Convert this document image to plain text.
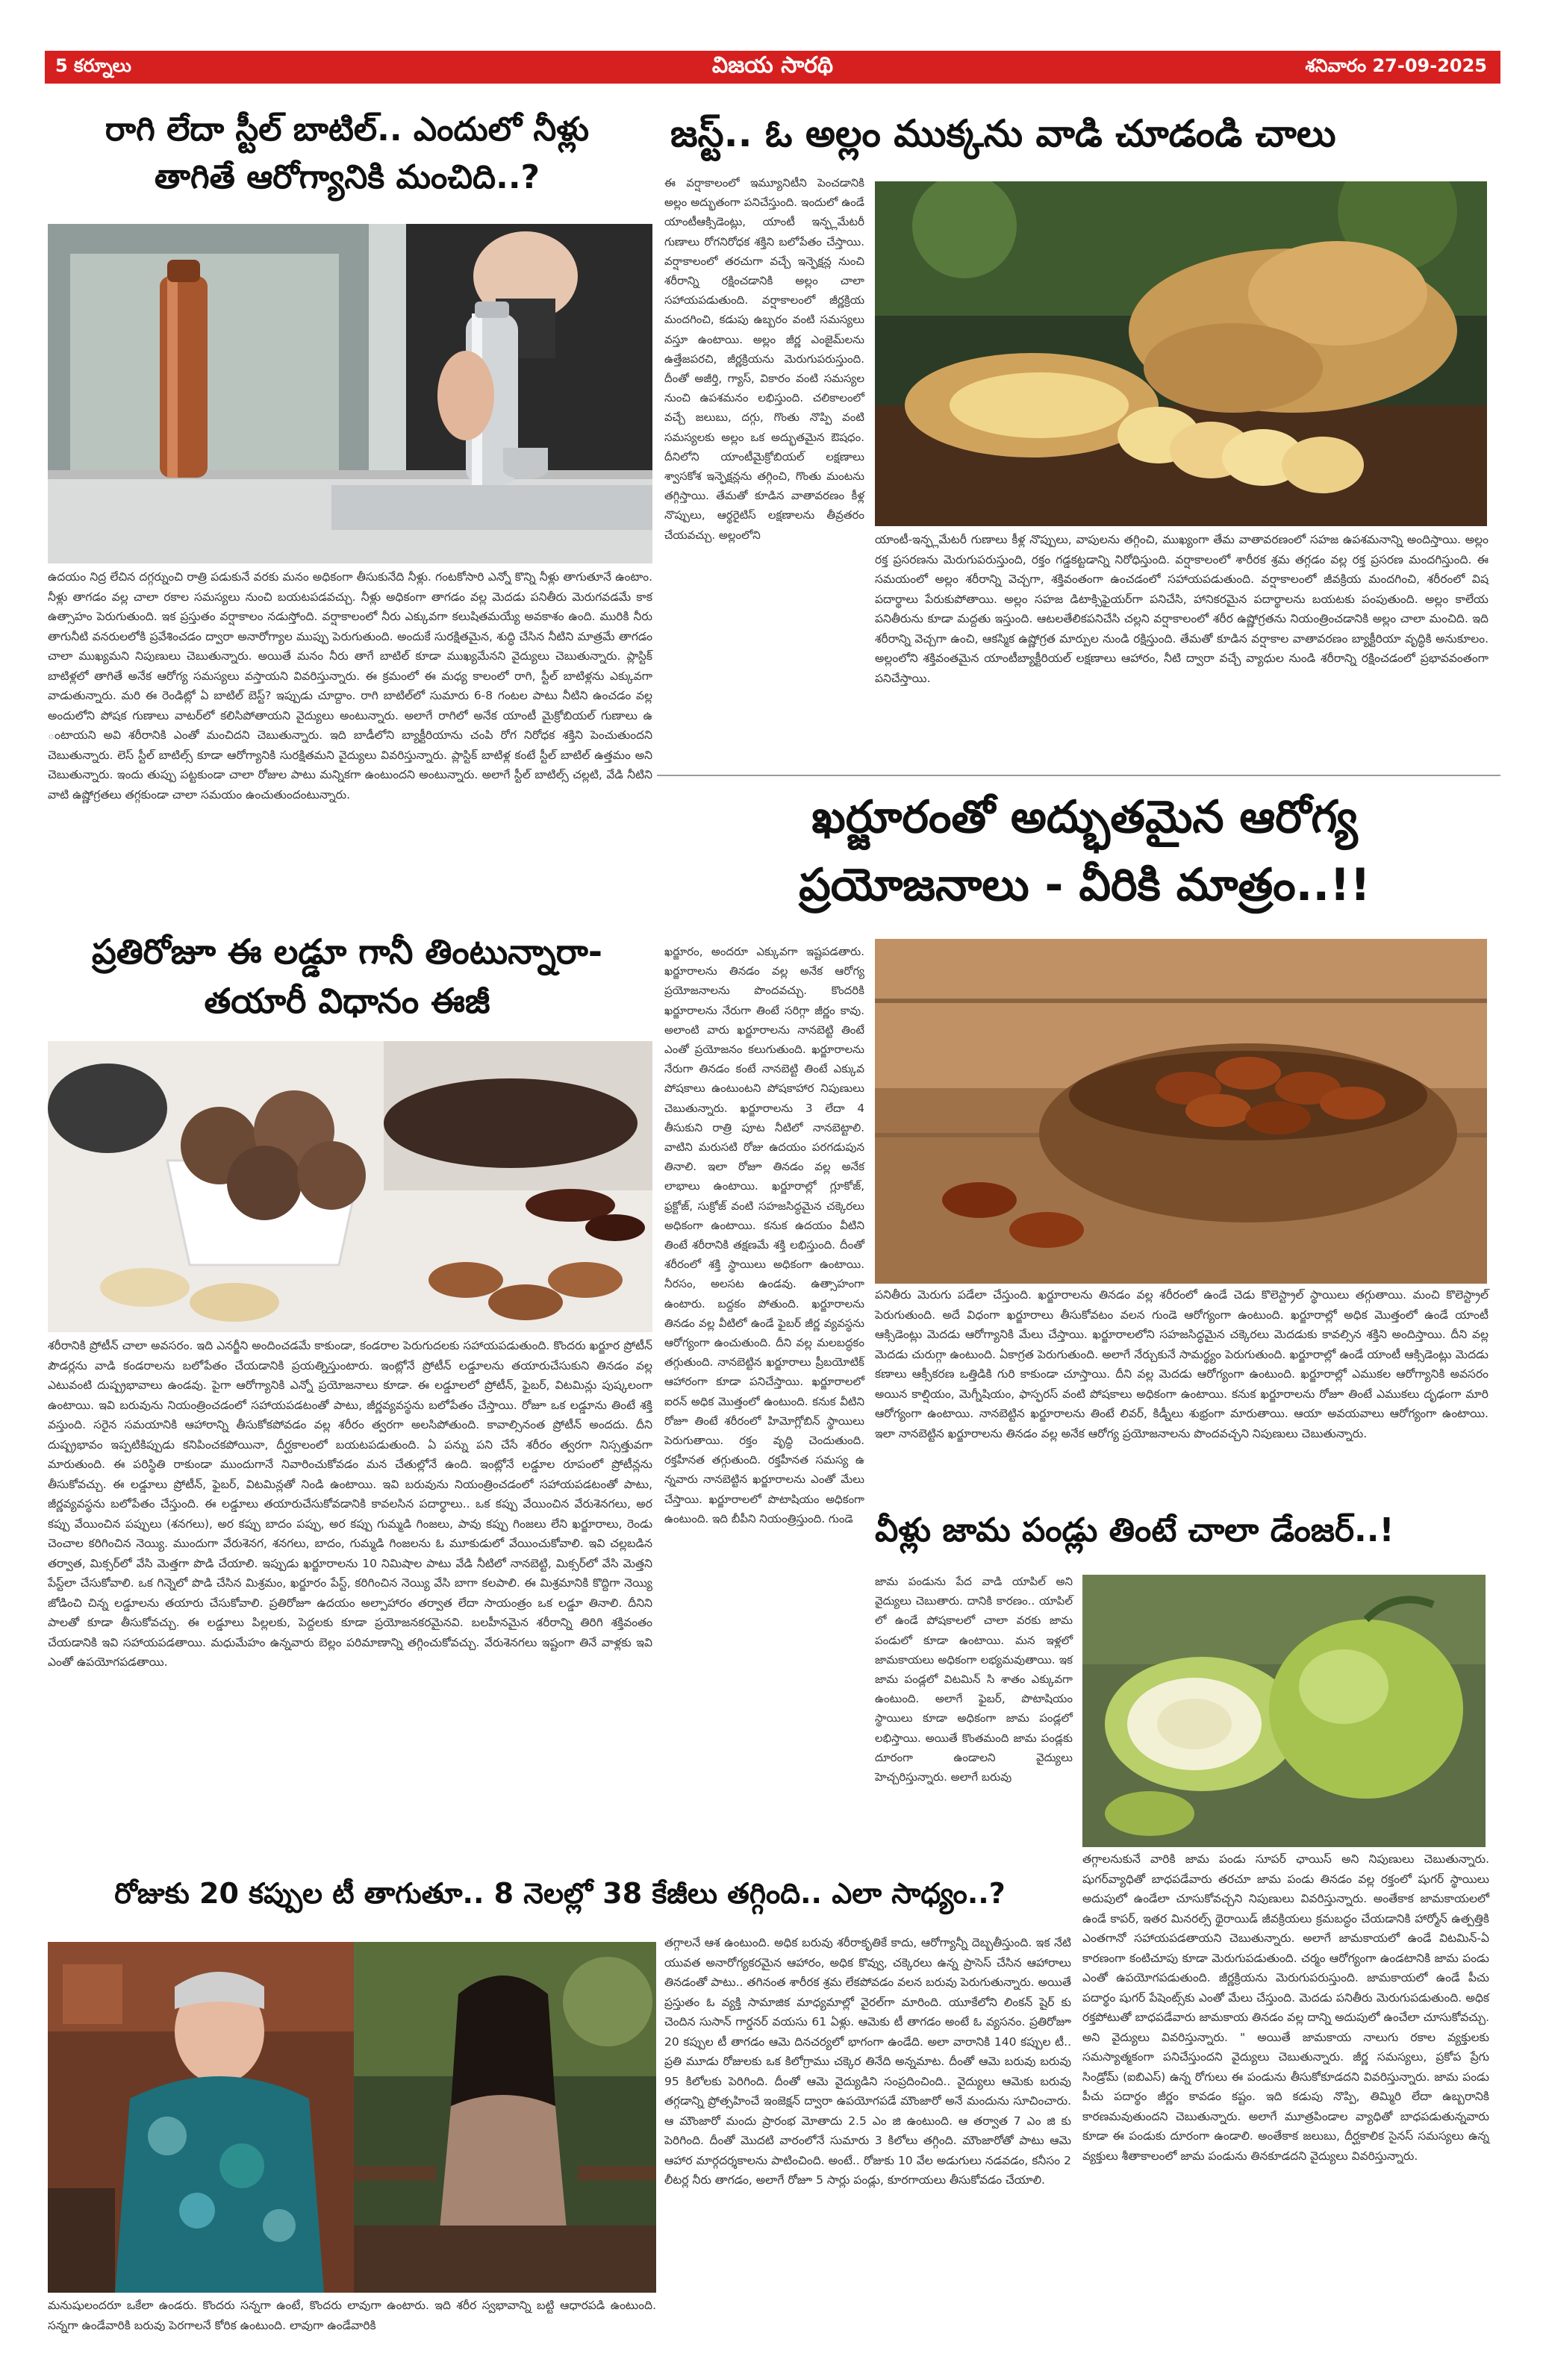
5 కర్నూలు	విజయ సారథి	శనివారం 27-09-2025
రాగి లేదా స్టీల్ బాటిల్.. ఎందులో నీళ్లు
తాగితే ఆరోగ్యానికి మంచిది..?
ఉదయం నిద్ర లేచిన దగ్గర్నుంచి రాత్రి పడుకునే వరకు మనం అధికంగా తీసుకునేది నీళ్లు. గంటకోసారి ఎన్నో కొన్ని నీళ్లు తాగుతూనే ఉంటాం. నీళ్లు తాగడం వల్ల చాలా రకాల సమస్యలు నుంచి బయటపడవచ్చు. నీళ్లు అధికంగా తాగడం వల్ల మెదడు పనితీరు మెరుగవడమే కాక ఉత్సాహం పెరుగుతుంది. ఇక ప్రస్తుతం వర్షాకాలం నడుస్తోంది. వర్షాకాలంలో నీరు ఎక్కువగా కలుషితమయ్యే అవకాశం ఉంది. మురికి నీరు తాగునీటి వనరులలోకి ప్రవేశించడం ద్వారా అనారోగ్యాల ముప్పు పెరుగుతుంది. అందుకే సురక్షితమైన, శుద్ధి చేసిన నీటిని మాత్రమే తాగడం చాలా ముఖ్యమని నిపుణులు చెబుతున్నారు. అయితే మనం నీరు తాగే బాటిల్ కూడా ముఖ్యమేనని వైద్యులు చెబుతున్నారు. ప్లాస్టిక్ బాటిళ్లలో తాగితే అనేక ఆరోగ్య సమస్యలు వస్తాయని వివరిస్తున్నారు. ఈ క్రమంలో ఈ మధ్య కాలంలో రాగి, స్టీల్ బాటిళ్లను ఎక్కువగా వాడుతున్నారు. మరి ఈ రెండిట్లో ఏ బాటిల్ బెస్ట్? ఇప్పుడు చూద్దాం. రాగి బాటిల్‌లో సుమారు 6-8 గంటల పాటు నీటిని ఉంచడం వల్ల అందులోని పోషక గుణాలు వాటర్‌లో కలిసిపోతాయని వైద్యులు అంటున్నారు. అలాగే రాగిలో అనేక యాంటీ మైక్రోబియల్ గుణాలు ఉ ంటాయని అవి శరీరానికి ఎంతో మంచిదని చెబుతున్నారు. ఇది బాడీలోని బ్యాక్టీరియాను చంపి రోగ నిరోధక శక్తిని పెంచుతుందని చెబుతున్నారు. లెస్ స్టీల్ బాటిల్స్ కూడా ఆరోగ్యానికి సురక్షితమని వైద్యులు వివరిస్తున్నారు. ప్లాస్టిక్ బాటిళ్ల కంటే స్టీల్ బాటిల్ ఉత్తమం అని చెబుతున్నారు. ఇందు తుప్పు పట్టకుండా చాలా రోజుల పాటు మన్నికగా ఉంటుందని అంటున్నారు. అలాగే స్టీల్ బాటిల్స్ చల్లటి, వేడి నీటిని వాటి ఉష్ణోగ్రతలు తగ్గకుండా చాలా సమయం ఉంచుతుందంటున్నారు.
జస్ట్.. ఓ అల్లం ముక్కను వాడి చూడండి చాలు
ఈ వర్షాకాలంలో ఇమ్యూనిటీని పెంచడానికి అల్లం అద్భుతంగా పనిచేస్తుంది. ఇందులో ఉండే యాంటీఆక్సిడెంట్లు, యాంటీ ఇన్ఫ్లమేటరీ గుణాలు రోగనిరోధక శక్తిని బలోపేతం చేస్తాయి. వర్షాకాలంలో తరచుగా వచ్చే ఇన్ఫెక్షన్ల నుంచి శరీరాన్ని రక్షించడానికి అల్లం చాలా సహాయపడుతుంది. వర్షాకాలంలో జీర్ణక్రియ మందగించి, కడుపు ఉబ్బరం వంటి సమస్యలు వస్తూ ఉంటాయి. అల్లం జీర్ణ ఎంజైమ్‌లను ఉత్తేజపరచి, జీర్ణక్రియను మెరుగుపరుస్తుంది. దీంతో అజీర్తి, గ్యాస్, వికారం వంటి సమస్యల నుంచి ఉపశమనం లభిస్తుంది. చలికాలంలో వచ్చే జలుబు, దగ్గు, గొంతు నొప్పి వంటి సమస్యలకు అల్లం ఒక అద్భుతమైన ఔషధం. దీనిలోని యాంటీమైక్రోబియల్ లక్షణాలు శ్వాసకోశ ఇన్ఫెక్షన్లను తగ్గించి, గొంతు మంటను తగ్గిస్తాయి. తేమతో కూడిన వాతావరణం కీళ్ల నొప్పులు, ఆర్థరైటిస్ లక్షణాలను తీవ్రతరం చేయవచ్చు. అల్లంలోని	యాంటీ-ఇన్ఫ్లమేటరీ గుణాలు కీళ్ల నొప్పులు, వాపులను తగ్గించి, ముఖ్యంగా తేమ వాతావరణంలో సహజ ఉపశమనాన్ని అందిస్తాయి. అల్లం రక్త ప్రసరణను మెరుగుపరుస్తుంది, రక్తం గడ్డకట్టడాన్ని నిరోధిస్తుంది. వర్షాకాలంలో శారీరక శ్రమ తగ్గడం వల్ల రక్త ప్రసరణ మందగిస్తుంది. ఈ సమయంలో అల్లం శరీరాన్ని వెచ్చగా, శక్తివంతంగా ఉంచడంలో సహాయపడుతుంది. వర్షాకాలంలో జీవక్రియ మందగించి, శరీరంలో విష పదార్థాలు పేరుకుపోతాయి. అల్లం సహజ డిటాక్సిఫైయర్‌గా పనిచేసి, హానికరమైన పదార్థాలను బయటకు పంపుతుంది. అల్లం కాలేయ పనితీరును కూడా మద్దతు ఇస్తుంది. ఆటలతేలికపనిచేసి చల్లని వర్షాకాలంలో శరీర ఉష్ణోగ్రతను నియంత్రించడానికి అల్లం చాలా మంచిది. ఇది శరీరాన్ని వెచ్చగా ఉంచి, ఆకస్మిక ఉష్ణోగ్రత మార్పుల నుండి రక్షిస్తుంది. తేమతో కూడిన వర్షాకాల వాతావరణం బ్యాక్టీరియా వృద్ధికి అనుకూలం. అల్లంలోని శక్తివంతమైన యాంటీబ్యాక్టీరియల్ లక్షణాలు ఆహారం, నీటి ద్వారా వచ్చే వ్యాధుల నుండి శరీరాన్ని రక్షించడంలో ప్రభావవంతంగా పనిచేస్తాయి.
ఖర్జూరంతో అద్భుతమైన ఆరోగ్య
ప్రయోజనాలు - వీరికి మాత్రం..!!
ఖర్జూరం, అందరూ ఎక్కువగా ఇష్టపడతారు. ఖర్జూరాలను తినడం వల్ల అనేక ఆరోగ్య ప్రయోజనాలను పొందవచ్చు. కొందరికి ఖర్జూరాలను నేరుగా తింటే సరిగ్గా జీర్ణం కావు. అలాంటి వారు ఖర్జూరాలను నానబెట్టి తింటే ఎంతో ప్రయోజనం కలుగుతుంది. ఖర్జూరాలను నేరుగా తినడం కంటే నానబెట్టి తింటే ఎక్కువ పోషకాలు ఉంటుంటని పోషకాహార నిపుణులు చెబుతున్నారు. ఖర్జూరాలను 3 లేదా 4 తీసుకుని రాత్రి పూట నీటిలో నానబెట్టాలి. వాటిని మరుసటి రోజు ఉదయం పరగడుపున తినాలి. ఇలా రోజూ తినడం వల్ల అనేక లాభాలు ఉంటాయి. ఖర్జూరాల్లో గ్లూకోజ్, ఫ్రక్టోజ్, సుక్రోజ్ వంటి సహజసిద్ధమైన చక్కెరలు అధికంగా ఉంటాయి. కనుక ఉదయం వీటిని తింటే శరీరానికి తక్షణమే శక్తి లభిస్తుంది. దీంతో శరీరంలో శక్తి స్థాయిలు అధికంగా ఉంటాయి. నీరసం, అలసట ఉండవు. ఉత్సాహంగా ఉంటారు. బద్దకం పోతుంది. ఖర్జూరాలను తినడం వల్ల వీటిలో ఉండే ఫైబర్ జీర్ణ వ్యవస్థను ఆరోగ్యంగా ఉంచుతుంది. దీని వల్ల మలబద్ధకం తగ్గుతుంది. నానబెట్టిన ఖర్జూరాలు ప్రీబయోటిక్ ఆహారంగా కూడా పనిచేస్తాయి. ఖర్జూరాలలో ఐరన్ అధిక మొత్తంలో ఉంటుంది. కనుక వీటిని రోజూ తింటే శరీరంలో హిమోగ్లోబిన్ స్థాయిలు పెరుగుతాయి. రక్తం వృద్ధి చెందుతుంది. రక్తహీనత తగ్గుతుంది. రక్తహీనత సమస్య ఉ న్నవారు నానబెట్టిన ఖర్జూరాలను ఎంతో మేలు చేస్తాయి. ఖర్జూరాలలో పొటాషియం అధికంగా ఉంటుంది. ఇది బీపీని నియంత్రిస్తుంది. గుండె
పనితీరు మెరుగు పడేలా చేస్తుంది. ఖర్జూరాలను తినడం వల్ల శరీరంలో ఉండే చెడు కొలెస్ట్రాల్ స్థాయిలు తగ్గుతాయి. మంచి కొలెస్ట్రాల్ పెరుగుతుంది. అదే విధంగా ఖర్జూరాలు తీసుకోవటం వలన గుండె ఆరోగ్యంగా ఉంటుంది. ఖర్జూరాల్లో అధిక మొత్తంలో ఉండే యాంటీ ఆక్సిడెంట్లు మెదడు ఆరోగ్యానికి మేలు చేస్తాయి. ఖర్జూరాలలోని సహజసిద్ధమైన చక్కెరలు మెదడుకు కావల్సిన శక్తిని అందిస్తాయి. దీని వల్ల మెదడు చురుగ్గా ఉంటుంది. ఏకాగ్రత పెరుగుతుంది. అలాగే నేర్చుకునే సామర్థ్యం పెరుగుతుంది. ఖర్జూరాల్లో ఉండే యాంటీ ఆక్సిడెంట్లు మెదడు కణాలు ఆక్సీకరణ ఒత్తిడికి గురి కాకుండా చూస్తాయి. దీని వల్ల మెదడు ఆరోగ్యంగా ఉంటుంది. ఖర్జూరాల్లో ఎముకల ఆరోగ్యానికి అవసరం అయిన కాల్షియం, మెగ్నీషియం, ఫాస్ఫరస్ వంటి పోషకాలు అధికంగా ఉంటాయి. కనుక ఖర్జూరాలను రోజూ తింటే ఎముకలు దృఢంగా మారి ఆరోగ్యంగా ఉంటాయి. నానబెట్టిన ఖర్జూరాలను తింటే లివర్, కిడ్నీలు శుభ్రంగా మారుతాయి. ఆయా అవయవాలు ఆరోగ్యంగా ఉంటాయి. ఇలా నానబెట్టిన ఖర్జూరాలను తినడం వల్ల అనేక ఆరోగ్య ప్రయోజనాలను పొందవచ్చని నిపుణులు చెబుతున్నారు.
ప్రతిరోజూ ఈ లడ్డూ గానీ తింటున్నారా-
తయారీ విధానం ఈజీ
శరీరానికి ప్రోటీన్ చాలా అవసరం. ఇది ఎనర్జీని అందించడమే కాకుండా, కండరాల పెరుగుదలకు సహాయపడుతుంది. కొందరు ఖర్జూర ప్రోటీన్ పౌడర్లను వాడి కండరాలను బలోపేతం చేయడానికి ప్రయత్నిస్తుంటారు. ఇంట్లోనే ప్రోటీన్ లడ్డూలను తయారుచేసుకుని తినడం వల్ల ఎటువంటి దుష్ప్రభావాలు ఉండవు. పైగా ఆరోగ్యానికి ఎన్నో ప్రయోజనాలు కూడా. ఈ లడ్డూలలో ప్రోటీన్, ఫైబర్, విటమిన్లు పుష్కలంగా ఉంటాయి. ఇవి బరువును నియంత్రించడంలో సహాయపడటంతో పాటు, జీర్ణవ్యవస్థను బలోపేతం చేస్తాయి. రోజూ ఒక లడ్డూను తింటే శక్తి వస్తుంది. సరైన సమయానికి ఆహారాన్ని తీసుకోకపోవడం వల్ల శరీరం త్వరగా అలసిపోతుంది. కావాల్సినంత ప్రోటీన్ అందదు. దీని దుష్ప్రభావం ఇప్పటికిప్పుడు కనిపించకపోయినా, దీర్ఘకాలంలో బయటపడుతుంది. ఏ పన్ను పని చేసే శరీరం త్వరగా నిస్సత్తువగా మారుతుంది. ఈ పరిస్థితి రాకుండా ముందుగానే నివారించుకోవడం మన చేతుల్లోనే ఉంది. ఇంట్లోనే లడ్డూల రూపంలో ప్రోటీన్లను తీసుకోవచ్చు. ఈ లడ్డూలు ప్రోటీన్, ఫైబర్, విటమిన్లతో నిండి ఉంటాయి. ఇవి బరువును నియంత్రించడంలో సహాయపడటంతో పాటు, జీర్ణవ్యవస్థను బలోపేతం చేస్తుంది. ఈ లడ్డూలు తయారుచేసుకోవడానికి కావలసిన పదార్థాలు.. ఒక కప్పు వేయించిన వేరుశెనగలు, అర కప్పు వేయించిన పప్పులు (శనగలు), అర కప్పు బాదం పప్పు, అర కప్పు గుమ్మడి గింజలు, పావు కప్పు గింజలు లేని ఖర్జూరాలు, రెండు చెంచాల కరిగించిన నెయ్యి. ముందుగా వేరుశెనగ, శనగలు, బాదం, గుమ్మడి గింజలను ఓ మూకుడులో వేయించుకోవాలి. ఇవి చల్లబడిన తర్వాత, మిక్సర్‌లో వేసి మెత్తగా పొడి చేయాలి. ఇప్పుడు ఖర్జూరాలను 10 నిమిషాల పాటు వేడి నీటిలో నానబెట్టి, మిక్సర్‌లో వేసి మెత్తని పేస్ట్‌లా చేసుకోవాలి. ఒక గిన్నెలో పొడి చేసిన మిశ్రమం, ఖర్జూరం పేస్ట్, కరిగించిన నెయ్యి వేసి బాగా కలపాలి. ఈ మిశ్రమానికి కొద్దిగా నెయ్యి జోడించి చిన్న లడ్డూలను తయారు చేసుకోవాలి. ప్రతిరోజూ ఉదయం అల్పాహారం తర్వాత లేదా సాయంత్రం ఒక లడ్డూ తినాలి. దీనిని పాలతో కూడా తీసుకోవచ్చు. ఈ లడ్డూలు పిల్లలకు, పెద్దలకు కూడా ప్రయోజనకరమైనవి. బలహీనమైన శరీరాన్ని తిరిగి శక్తివంతం చేయడానికి ఇవి సహాయపడతాయి. మధుమేహం ఉన్నవారు బెల్లం పరిమాణాన్ని తగ్గించుకోవచ్చు. వేరుశెనగలు ఇష్టంగా తినే వాళ్లకు ఇవి ఎంతో ఉపయోగపడతాయి.
వీళ్లు జామ పండ్లు తింటే చాలా డేంజర్..!
జామ పండును పేద వాడి యాపిల్ అని వైద్యులు చెబుతారు. దానికి కారణం.. యాపిల్ లో ఉండే పోషకాలలో చాలా వరకు జామ పండులో కూడా ఉంటాయి. మన ఇళ్లలో జామకాయలు అధికంగా లభ్యమవుతాయి. ఇక జామ పండ్లలో విటమిన్ సి శాతం ఎక్కువగా ఉంటుంది. అలాగే ఫైబర్, పొటాషియం స్థాయిలు కూడా అధికంగా జామ పండ్లలో లభిస్తాయి. అయితే కొంతమంది జామ పండ్లకు దూరంగా ఉండాలని వైద్యులు హెచ్చరిస్తున్నారు. అలాగే బరువు
తగ్గాలనుకునే వారికి జామ పండు సూపర్ ఛాయిస్ అని నిపుణులు చెబుతున్నారు. షుగర్‌వ్యాధితో బాధపడేవారు తరచూ జామ పండు తినడం వల్ల రక్తంలో షుగర్ స్థాయిలు అదుపులో ఉండేలా చూసుకోవచ్చని నిపుణులు వివరిస్తున్నారు. అంతేకాక జామకాయలలో ఉండే కాపర్, ఇతర మినరల్స్ థైరాయిడ్ జీవక్రియలు క్రమబద్ధం చేయడానికి హార్మోన్ ఉత్పత్తికి ఎంతగానో సహాయపడతాయని చెబుతున్నారు. అలాగే జామకాయలో ఉండే విటమిన్-ఏ కారణంగా కంటిచూపు కూడా మెరుగుపడుతుంది. చర్మం ఆరోగ్యంగా ఉండటానికి జామ పండు ఎంతో ఉపయోగపడుతుంది. జీర్ణక్రియను మెరుగుపరుస్తుంది. జామకాయలో ఉండే పీచు పదార్థం షుగర్ పేషెంట్స్‌కు ఎంతో మేలు చేస్తుంది. మెదడు పనితీరు మెరుగుపడుతుంది. అధిక రక్తపోటుతో బాధపడేవారు జామకాయ తినడం వల్ల దాన్ని అదుపులో ఉంచేలా చూసుకోవచ్చు. అని వైద్యులు వివరిస్తున్నారు. " అయితే జామకాయ నాలుగు రకాల వ్యక్తులకు సమస్యాత్మకంగా పనిచేస్తుందని వైద్యులు చెబుతున్నారు. జీర్ణ సమస్యలు, ప్రకోప ప్రేగు సిండ్రోమ్ (ఐబిఎస్) ఉన్న రోగులు ఈ పండును తీసుకోకూడదని వివరిస్తున్నారు. జామ పండు పీచు పదార్థం జీర్ణం కావడం కష్టం. ఇది కడుపు నొప్పి, తిమ్మిరి లేదా ఉబ్బరానికి కారణమవుతుందని చెబుతున్నారు. అలాగే మూత్రపిండాల వ్యాధితో బాధపడుతున్నవారు కూడా ఈ పండుకు దూరంగా ఉండాలి. అంతేకాక జలుబు, దీర్ఘకాలిక సైనస్ సమస్యలు ఉన్న వ్యక్తులు శీతాకాలంలో జామ పండును తినకూడదని వైద్యులు వివరిస్తున్నారు.
రోజుకు 20 కప్పుల టీ తాగుతూ.. 8 నెలల్లో 38 కేజీలు తగ్గింది.. ఎలా సాధ్యం..?
మనుషులందరూ ఒకేలా ఉండరు. కొందరు సన్నగా ఉంటే, కొందరు లావుగా ఉంటారు. ఇది శరీర స్వభావాన్ని బట్టి ఆధారపడి ఉంటుంది. సన్నగా ఉండేవారికి బరువు పెరగాలనే కోరిక ఉంటుంది. లావుగా ఉండేవారికి
తగ్గాలనే ఆశ ఉంటుంది. అధిక బరువు శరీరాకృతికే కాదు, ఆరోగ్యాన్నీ దెబ్బతీస్తుంది. ఇక నేటి యువత అనారోగ్యకరమైన ఆహారం, అధిక కొవ్వు, చక్కెరలు ఉన్న ప్రాసెస్ చేసిన ఆహారాలు తినడంతో పాటు.. తగినంత శారీరక శ్రమ లేకపోవడం వలన బరువు పెరుగుతున్నారు. అయితే ప్రస్తుతం ఓ వ్యక్తి సామాజిక మాధ్యమాల్లో వైరల్‌గా మారింది. యూకేలోని లింకన్ షైర్ కు చెందిన సుసాన్ గార్డనర్ వయసు 61 ఏళ్లు. ఆమెకు టీ తాగడం అంటే ఓ వ్యసనం. ప్రతిరోజూ 20 కప్పుల టీ తాగడం ఆమె దినచర్యలో భాగంగా ఉండేది. అలా వారానికి 140 కప్పుల టీ.. ప్రతి మూడు రోజులకు ఒక కిలోగ్రాము చక్కెర తినేది అన్నమాట. దీంతో ఆమె బరువు బరువు 95 కిలోలకు పెరిగింది. దీంతో ఆమె వైద్యుడిని సంప్రదించింది.. వైద్యులు ఆమెకు బరువు తగ్గడాన్ని ప్రోత్సహించే ఇంజెక్షన్ ద్వారా ఉపయోగపడే మౌంజారో అనే మందును సూచించారు. ఆ మౌంజారో మందు ప్రారంభ మోతాదు 2.5 ఎం జి ఉంటుంది. ఆ తర్వాత 7 ఎం జి కు పెరిగింది. దీంతో మొదటి వారంలోనే సుమారు 3 కిలోలు తగ్గింది. మౌంజారోతో పాటు ఆమె ఆహార మార్గదర్శకాలను పాటించింది. అంటే.. రోజుకు 10 వేల అడుగులు నడవడం, కనీసం 2 లీటర్ల నీరు తాగడం, అలాగే రోజూ 5 సార్లు పండ్లు, కూరగాయలు తీసుకోవడం చేయాలి.
